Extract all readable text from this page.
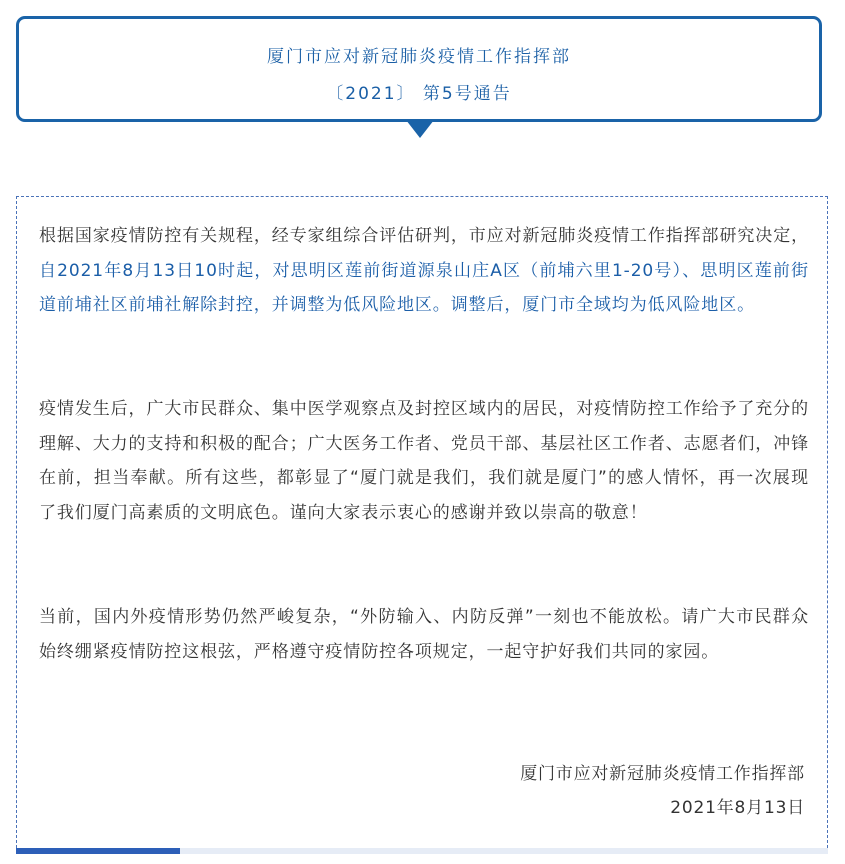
厦门市应对新冠肺炎疫情工作指挥部
〔2021〕 第5号通告

根据国家疫情防控有关规程，经专家组综合评估研判，市应对新冠肺炎疫情工作指挥部研究决定，自2021年8月13日10时起，对思明区莲前街道源泉山庄A区（前埔六里1-20号）、思明区莲前街道前埔社区前埔社解除封控，并调整为低风险地区。调整后，厦门市全域均为低风险地区。

疫情发生后，广大市民群众、集中医学观察点及封控区域内的居民，对疫情防控工作给予了充分的理解、大力的支持和积极的配合；广大医务工作者、党员干部、基层社区工作者、志愿者们，冲锋在前，担当奉献。所有这些，都彰显了“厦门就是我们，我们就是厦门”的感人情怀，再一次展现了我们厦门高素质的文明底色。谨向大家表示衷心的感谢并致以崇高的敬意！

当前，国内外疫情形势仍然严峻复杂，“外防输入、内防反弹”一刻也不能放松。请广大市民群众始终绷紧疫情防控这根弦，严格遵守疫情防控各项规定，一起守护好我们共同的家园。

厦门市应对新冠肺炎疫情工作指挥部

2021年8月13日
